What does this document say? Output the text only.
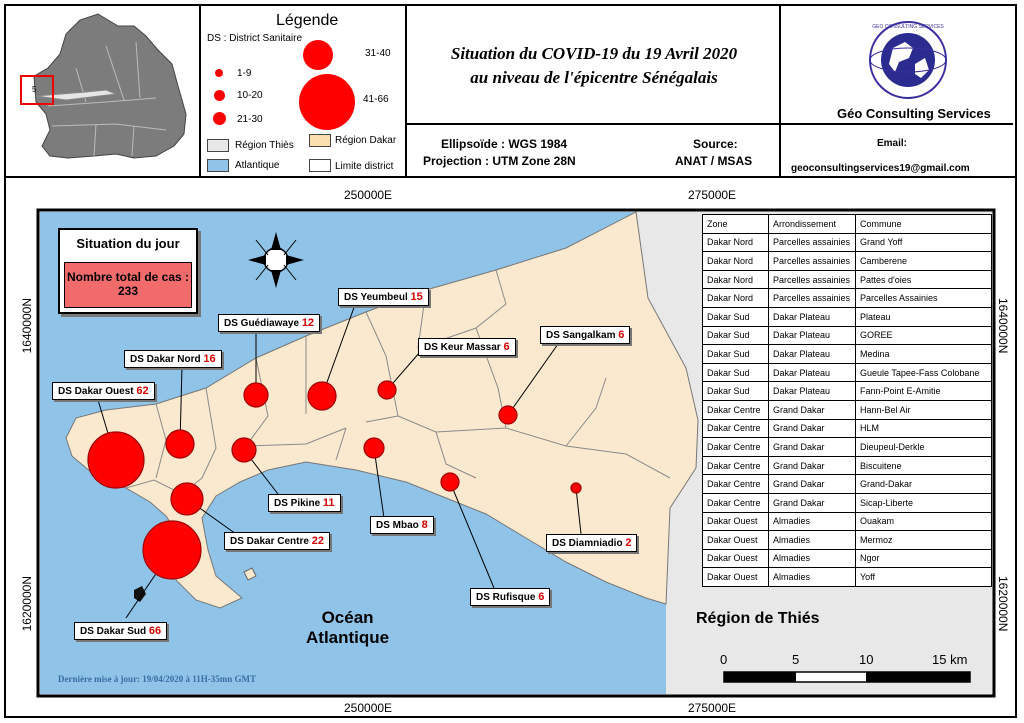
5
Légende
DS : District Sanitaire
1-9
10-20
21-30
31-40
41-66
Région Thiès	Région Dakar
Atlantique	Limite district
Situation du COVID-19 du 19 Avril 2020
au niveau de l'épicentre Sénégalais
Ellipsoïde : WGS 1984
Projection : UTM Zone 28N
Source:
ANAT / MSAS
GEO CONSULTING SERVICES
Géo Consulting Services
Email:
geoconsultingservices19@gmail.com
250000E	275000E
250000E	275000E
1640000N
1620000N
1640000N
1620000N
Situation du jour
Nombre total de cas :
233	DS Yeumbeul 15
DS Guédiawaye 12
DS Keur Massar 6
DS Sangalkam 6
DS Dakar Nord 16
DS Dakar Ouest 62
DS Pikine 11
DS Mbao 8
DS Dakar Centre 22	DS Diamniadio 2
DS Rufisque 6
DS Dakar Sud 66
Zone	Arrondissement	Commune
Dakar Nord	Parcelles assainies	Grand Yoff
Dakar Nord	Parcelles assainies	Camberene
Dakar Nord	Parcelles assainies	Pattes d'oies
Dakar Nord	Parcelles assainies	Parcelles Assainies
Dakar Sud	Dakar Plateau	Plateau
Dakar Sud	Dakar Plateau	GOREE
Dakar Sud	Dakar Plateau	Medina
Dakar Sud	Dakar Plateau	Gueule Tapee-Fass Colobane
Dakar Sud	Dakar Plateau	Fann-Point E-Amitie
Dakar Centre	Grand Dakar	Hann-Bel Air
Dakar Centre	Grand Dakar	HLM
Dakar Centre	Grand Dakar	Dieupeul-Derkle
Dakar Centre	Grand Dakar	Biscuitene
Dakar Centre	Grand Dakar	Grand-Dakar
Dakar Centre	Grand Dakar	Sicap-Liberte
Dakar Ouest	Almadies	Ouakam
Dakar Ouest	Almadies	Mermoz
Dakar Ouest	Almadies	Ngor
Dakar Ouest	Almadies	Yoff
Océan
Atlantique
Région de Thiés
Dernière mise à jour: 19/04/2020 à 11H-35mn GMT
0	5	10	15 km
